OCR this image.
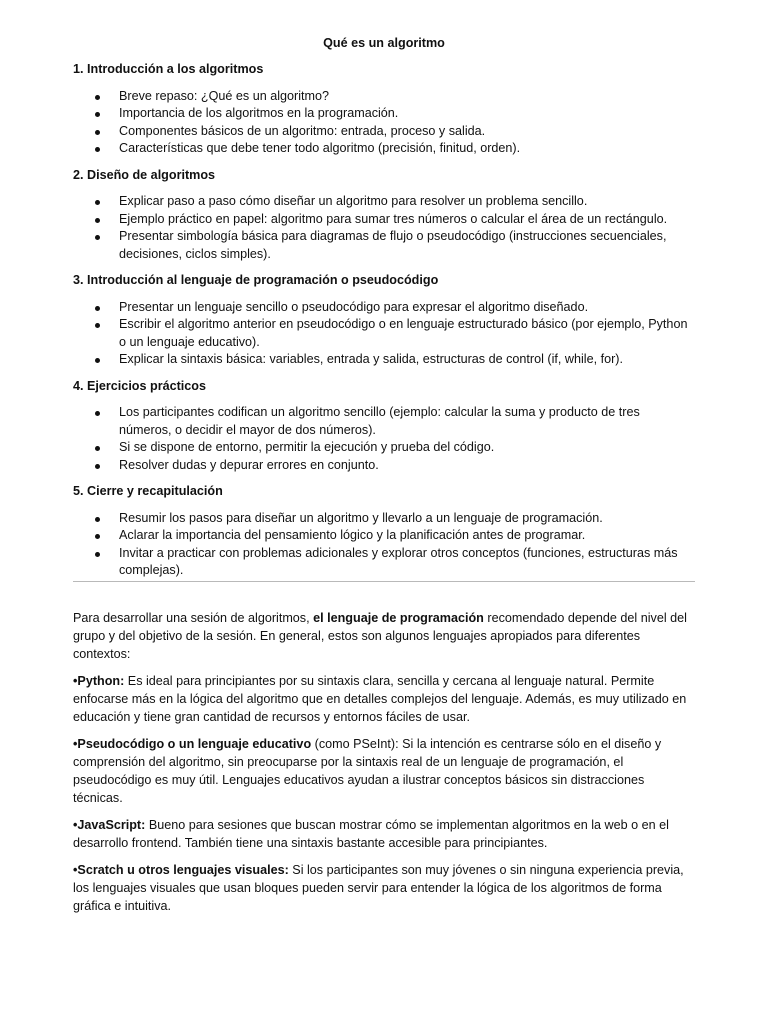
Qué es un algoritmo

1. Introducción a los algoritmos

Breve repaso: ¿Qué es un algoritmo?
Importancia de los algoritmos en la programación.
Componentes básicos de un algoritmo: entrada, proceso y salida.
Características que debe tener todo algoritmo (precisión, finitud, orden).

2. Diseño de algoritmos

Explicar paso a paso cómo diseñar un algoritmo para resolver un problema sencillo.
Ejemplo práctico en papel: algoritmo para sumar tres números o calcular el área de un rectángulo.
Presentar simbología básica para diagramas de flujo o pseudocódigo (instrucciones secuenciales, decisiones, ciclos simples).

3. Introducción al lenguaje de programación o pseudocódigo

Presentar un lenguaje sencillo o pseudocódigo para expresar el algoritmo diseñado.
Escribir el algoritmo anterior en pseudocódigo o en lenguaje estructurado básico (por ejemplo, Python o un lenguaje educativo).
Explicar la sintaxis básica: variables, entrada y salida, estructuras de control (if, while, for).

4. Ejercicios prácticos

Los participantes codifican un algoritmo sencillo (ejemplo: calcular la suma y producto de tres números, o decidir el mayor de dos números).
Si se dispone de entorno, permitir la ejecución y prueba del código.
Resolver dudas y depurar errores en conjunto.

5. Cierre y recapitulación

Resumir los pasos para diseñar un algoritmo y llevarlo a un lenguaje de programación.
Aclarar la importancia del pensamiento lógico y la planificación antes de programar.
Invitar a practicar con problemas adicionales y explorar otros conceptos (funciones, estructuras más complejas).

Para desarrollar una sesión de algoritmos, el lenguaje de programación recomendado depende del nivel del grupo y del objetivo de la sesión. En general, estos son algunos lenguajes apropiados para diferentes contextos:

•Python: Es ideal para principiantes por su sintaxis clara, sencilla y cercana al lenguaje natural. Permite enfocarse más en la lógica del algoritmo que en detalles complejos del lenguaje. Además, es muy utilizado en educación y tiene gran cantidad de recursos y entornos fáciles de usar.

•Pseudocódigo o un lenguaje educativo (como PSeInt): Si la intención es centrarse sólo en el diseño y comprensión del algoritmo, sin preocuparse por la sintaxis real de un lenguaje de programación, el pseudocódigo es muy útil. Lenguajes educativos ayudan a ilustrar conceptos básicos sin distracciones técnicas.

•JavaScript: Bueno para sesiones que buscan mostrar cómo se implementan algoritmos en la web o en el desarrollo frontend. También tiene una sintaxis bastante accesible para principiantes.

•Scratch u otros lenguajes visuales: Si los participantes son muy jóvenes o sin ninguna experiencia previa, los lenguajes visuales que usan bloques pueden servir para entender la lógica de los algoritmos de forma gráfica e intuitiva.
